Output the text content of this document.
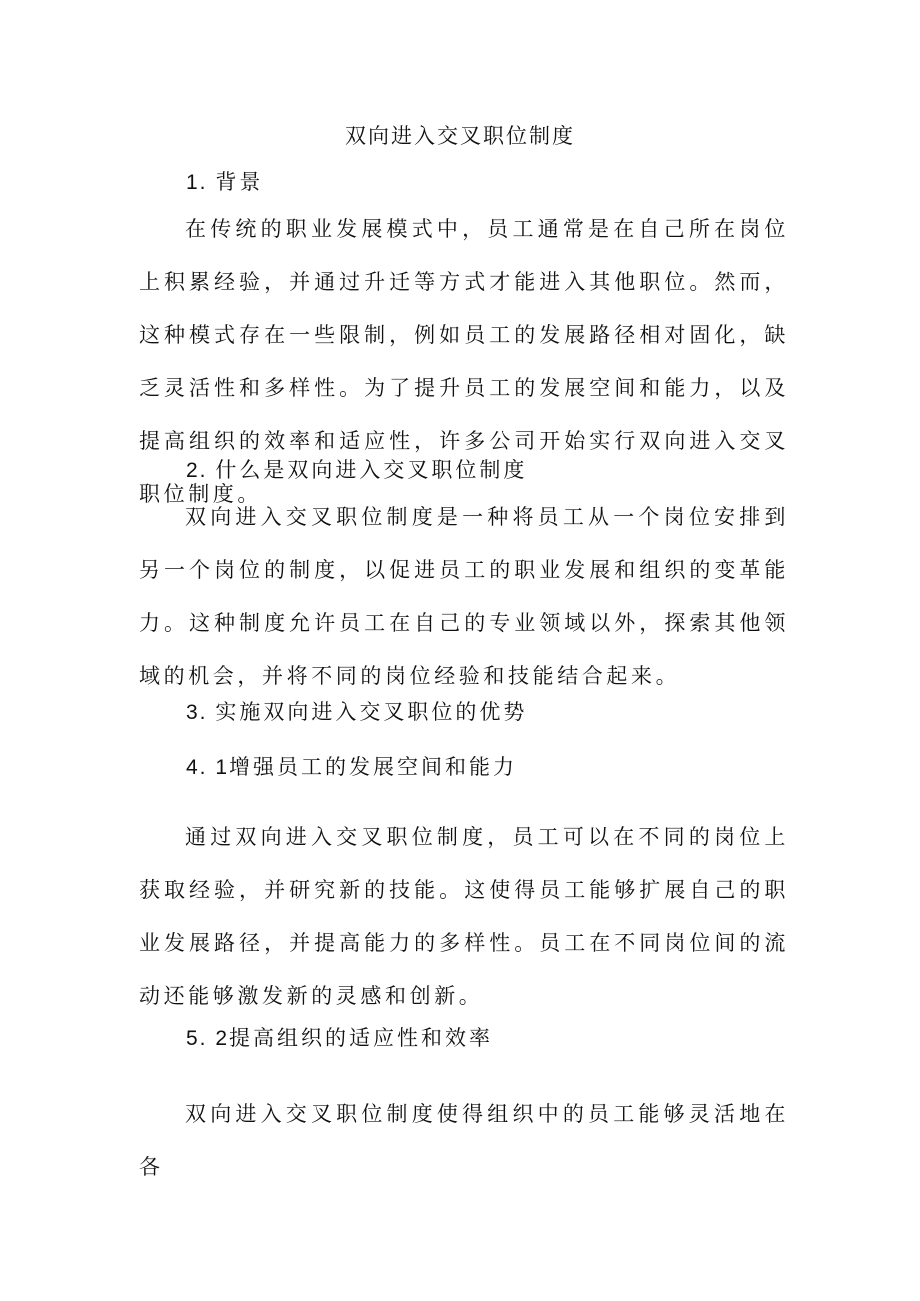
双向进入交叉职位制度
1. 背景

在传统的职业发展模式中，员工通常是在自己所在岗位上积累经验，并通过升迁等方式才能进入其他职位。然而，这种模式存在一些限制，例如员工的发展路径相对固化，缺乏灵活性和多样性。为了提升员工的发展空间和能力，以及提高组织的效率和适应性，许多公司开始实行双向进入交叉职位制度。

2. 什么是双向进入交叉职位制度

双向进入交叉职位制度是一种将员工从一个岗位安排到另一个岗位的制度，以促进员工的职业发展和组织的变革能力。这种制度允许员工在自己的专业领域以外，探索其他领域的机会，并将不同的岗位经验和技能结合起来。

3. 实施双向进入交叉职位的优势
4. 1增强员工的发展空间和能力

通过双向进入交叉职位制度，员工可以在不同的岗位上获取经验，并研究新的技能。这使得员工能够扩展自己的职业发展路径，并提高能力的多样性。员工在不同岗位间的流动还能够激发新的灵感和创新。

5. 2提高组织的适应性和效率

双向进入交叉职位制度使得组织中的员工能够灵活地在各
